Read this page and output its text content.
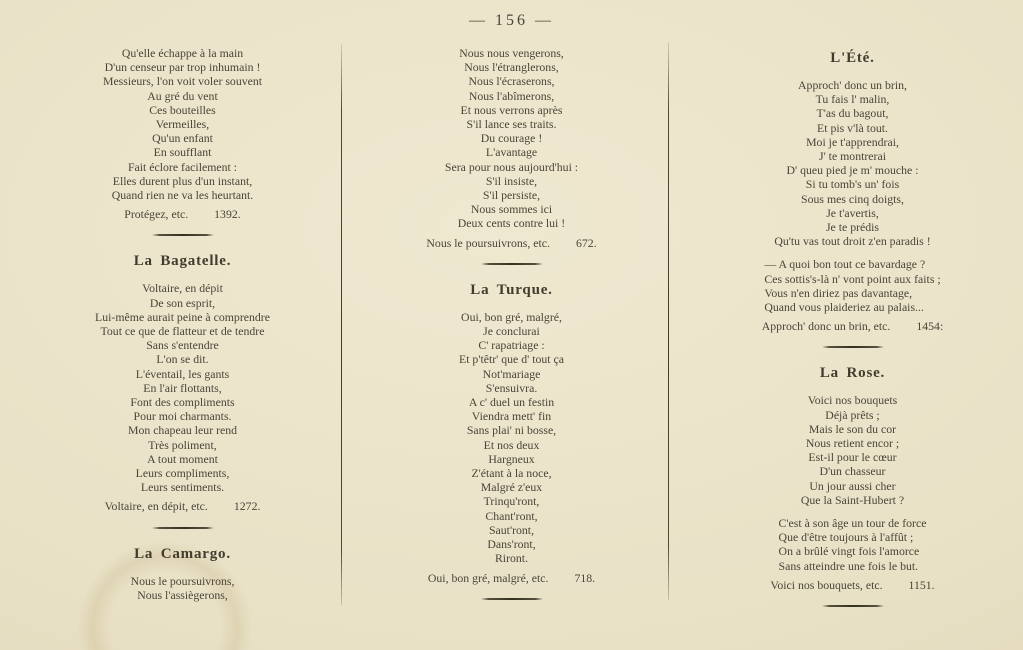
— 156 —
Qu'elle échappe à la main
D'un censeur par trop inhumain !
Messieurs, l'on voit voler souvent
Au gré du vent
Ces bouteilles
Vermeilles,
Qu'un enfant
En soufflant
Fait éclore facilement :
Elles durent plus d'un instant,
Quand rien ne va les heurtant.
Protégez, etc. 1392.
La Bagatelle.
Voltaire, en dépit
De son esprit,
Lui-même aurait peine à comprendre
Tout ce que de flatteur et de tendre
Sans s'entendre
L'on se dit.
L'éventail, les gants
En l'air flottants,
Font des compliments
Pour moi charmants.
Mon chapeau leur rend
Très poliment,
A tout moment
Leurs compliments,
Leurs sentiments.
Voltaire, en dépit, etc. 1272.
La Camargo.
Nous le poursuivrons,
Nous l'assiègerons,
Nous nous vengerons,
Nous l'étranglerons,
Nous l'écraserons,
Nous l'abîmerons,
Et nous verrons après
S'il lance ses traits.
Du courage !
L'avantage
Sera pour nous aujourd'hui :
S'il insiste,
S'il persiste,
Nous sommes ici
Deux cents contre lui !
Nous le poursuivrons, etc. 672.
La Turque.
Oui, bon gré, malgré,
Je conclurai
C' rapatriage :
Et p'têtr' que d' tout ça
Not'mariage
S'ensuivra.
A c' duel un festin
Viendra mett' fin
Sans plai' ni bosse,
Et nos deux
Hargneux
Z'étant à la noce,
Malgré z'eux
Trinqu'ront,
Chant'ront,
Saut'ront,
Dans'ront,
Riront.
Oui, bon gré, malgré, etc. 718.
L'Été.
Approch' donc un brin,
Tu fais l' malin,
T'as du bagout,
Et pis v'là tout.
Moi je t'apprendrai,
J' te montrerai
D' queu pied je m' mouche :
Si tu tomb's un' fois
Sous mes cinq doigts,
Je t'avertis,
Je te prédis
Qu'tu vas tout droit z'en paradis !
— A quoi bon tout ce bavardage ?
Ces sottis's-là n' vont point aux faits ;
Vous n'en diriez pas davantage,
Quand vous plaideriez au palais...
Approch' donc un brin, etc. 1454:
La Rose.
Voici nos bouquets
Déjà prêts ;
Mais le son du cor
Nous retient encor ;
Est-il pour le cœur
D'un chasseur
Un jour aussi cher
Que la Saint-Hubert ?
C'est à son âge un tour de force
Que d'être toujours à l'affût ;
On a brûlé vingt fois l'amorce
Sans atteindre une fois le but.
Voici nos bouquets, etc. 1151.
